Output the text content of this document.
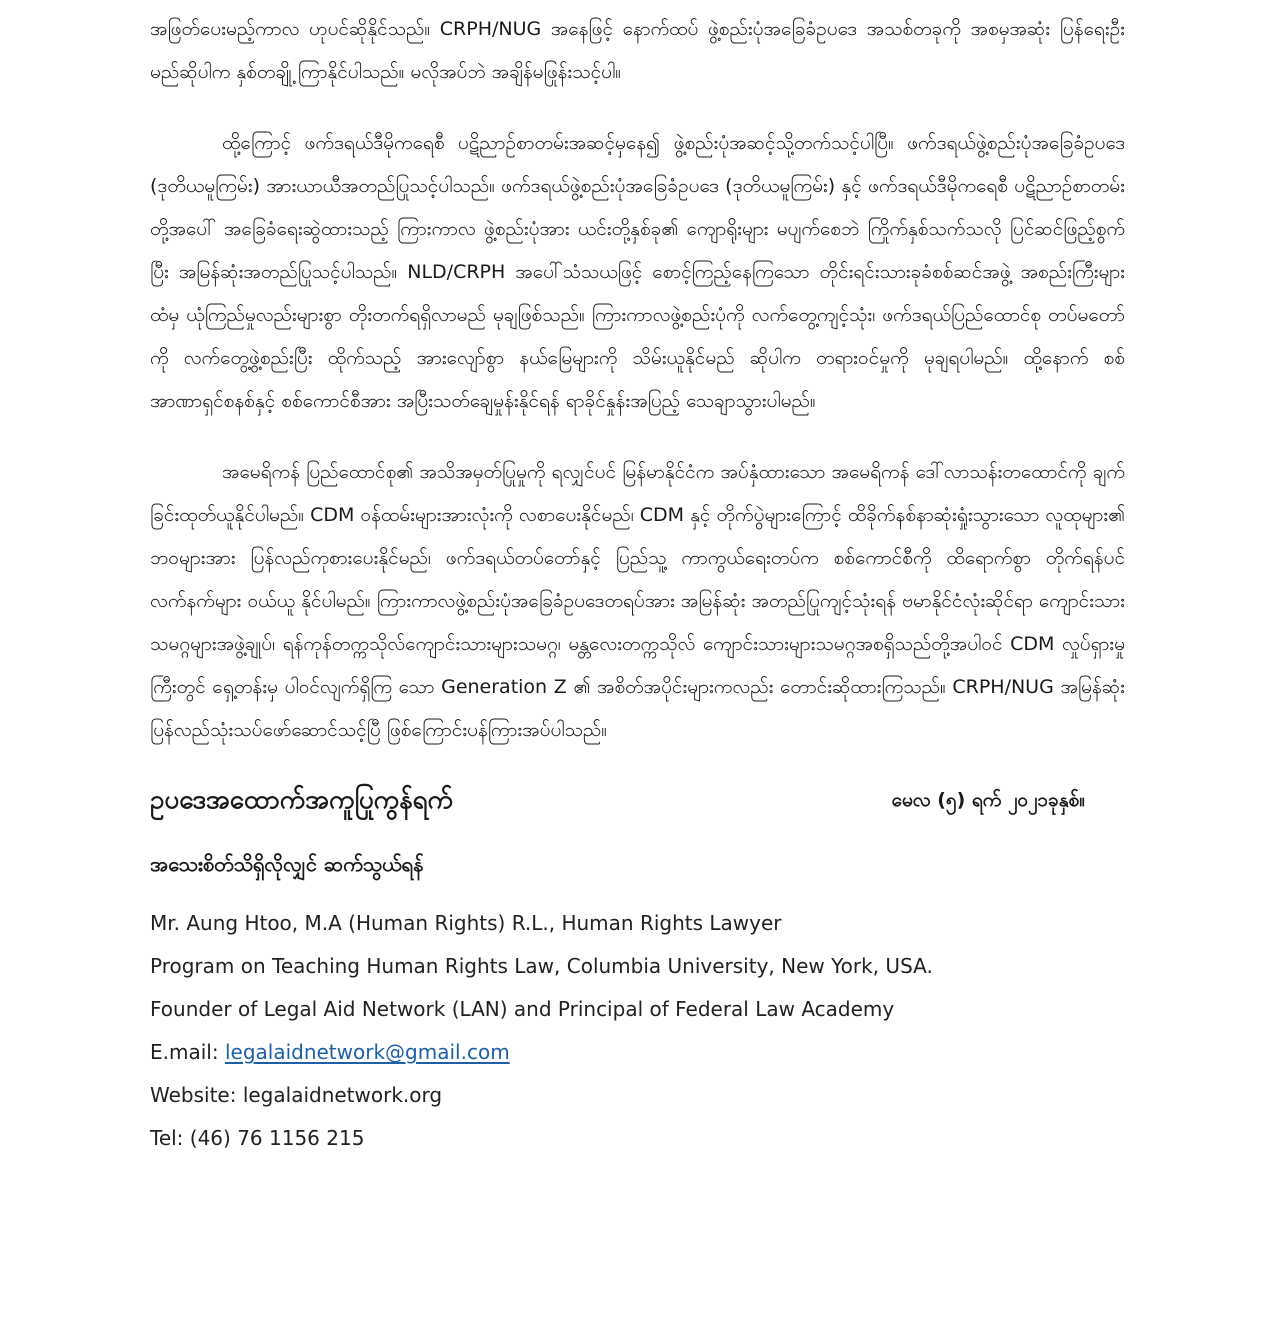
အဖြတ်ပေးမည့်ကာလ ဟုပင်ဆိုနိုင်သည်။ CRPH/NUG အနေဖြင့် နောက်ထပ် ဖွဲ့စည်းပုံအခြေခံဥပဒေ အသစ်တခုကို အစမှအဆုံး ပြန်ရေးဦးမည်ဆိုပါက နှစ်တချို့ ကြာနိုင်ပါသည်။ မလိုအပ်ဘဲ အချိန်မဖြုန်းသင့်ပါ။

ထို့ကြောင့် ဖက်ဒရယ်ဒီမိုကရေစီ ပဋိညာဉ်စာတမ်းအဆင့်မှနေ၍ ဖွဲ့စည်းပုံအဆင့်သို့တက်သင့်ပါပြီ။ ဖက်ဒရယ်ဖွဲ့စည်းပုံအခြေခံဥပဒေ (ဒုတိယမူကြမ်း) အားယာယီအတည်ပြုသင့်ပါသည်။ ဖက်ဒရယ်ဖွဲ့စည်းပုံအခြေခံဥပဒေ (ဒုတိယမူကြမ်း) နှင့် ဖက်ဒရယ်ဒီမိုကရေစီ ပဋိညာဉ်စာတမ်းတို့အပေါ် အခြေခံရေးဆွဲထားသည့် ကြားကာလ ဖွဲ့စည်းပုံအား ယင်းတို့နှစ်ခု၏ ကျောရိုးများ မပျက်စေဘဲ ကြိုက်နှစ်သက်သလို ပြင်ဆင်ဖြည့်စွက်ပြီး အမြန်ဆုံးအတည်ပြုသင့်ပါသည်။ NLD/CRPH အပေါ်သံသယဖြင့် စောင့်ကြည့်နေကြသော တိုင်းရင်းသားခုခံစစ်ဆင်အဖွဲ့ အစည်းကြီးများထံမှ ယုံကြည်မှုလည်းများစွာ တိုးတက်ရရှိလာမည် မုချဖြစ်သည်။ ကြားကာလဖွဲ့စည်းပုံကို လက်တွေ့ကျင့်သုံး၊ ဖက်ဒရယ်ပြည်ထောင်စု တပ်မတော်ကို လက်တွေ့ဖွဲ့စည်းပြီး ထိုက်သည့် အားလျော်စွာ နယ်မြေများကို သိမ်းယူနိုင်မည် ဆိုပါက တရားဝင်မှုကို မုချရပါမည်။ ထို့နောက် စစ်အာဏာရှင်စနစ်နှင့် စစ်ကောင်စီအား အပြီးသတ်ချေမှုန်းနိုင်ရန် ရာခိုင်နှုန်းအပြည့် သေချာသွားပါမည်။

အမေရိကန် ပြည်ထောင်စု၏ အသိအမှတ်ပြုမှုကို ရလျှင်ပင် မြန်မာနိုင်ငံက အပ်နှံထားသော အမေရိကန် ဒေါ်လာသန်းတထောင်ကို ချက်ခြင်းထုတ်ယူနိုင်ပါမည်။ CDM ဝန်ထမ်းများအားလုံးကို လစာပေးနိုင်မည်၊ CDM နှင့် တိုက်ပွဲများကြောင့် ထိခိုက်နစ်နာဆုံးရှုံးသွားသော လူထုများ၏ ဘဝများအား ပြန်လည်ကုစားပေးနိုင်မည်၊ ဖက်ဒရယ်တပ်တော်နှင့် ပြည်သူ့ ကာကွယ်ရေးတပ်က စစ်ကောင်စီကို ထိရောက်စွာ တိုက်ရန်ပင် လက်နက်များ ဝယ်ယူ နိုင်ပါမည်။ ကြားကာလဖွဲ့စည်းပုံအခြေခံဥပဒေတရပ်အား အမြန်ဆုံး အတည်ပြုကျင့်သုံးရန် ဗမာနိုင်ငံလုံးဆိုင်ရာ ကျောင်းသားသမဂ္ဂများအဖွဲ့ချုပ်၊ ရန်ကုန်တက္ကသိုလ်ကျောင်းသားများသမဂ္ဂ၊ မန္တလေးတက္ကသိုလ် ကျောင်းသားများသမဂ္ဂအစရှိသည်တို့အပါဝင် CDM လှုပ်ရှားမှုကြီးတွင် ရှေ့တန်းမှ ပါဝင်လျက်ရှိကြ သော Generation Z ၏ အစိတ်အပိုင်းများကလည်း တောင်းဆိုထားကြသည်။ CRPH/NUG အမြန်ဆုံးပြန်လည်သုံးသပ်ဖော်ဆောင်သင့်ပြီ ဖြစ်ကြောင်းပန်ကြားအပ်ပါသည်။

ဥပဒေအထောက်အကူပြုကွန်ရက်	မေလ (၅) ရက် ၂၀၂၁ခုနှစ်။
အသေးစိတ်သိရှိလိုလျှင် ဆက်သွယ်ရန်
Mr. Aung Htoo, M.A (Human Rights) R.L., Human Rights Lawyer
Program on Teaching Human Rights Law, Columbia University, New York, USA.
Founder of Legal Aid Network (LAN) and Principal of Federal Law Academy
E.mail: legalaidnetwork@gmail.com
Website: legalaidnetwork.org
Tel: (46) 76 1156 215
